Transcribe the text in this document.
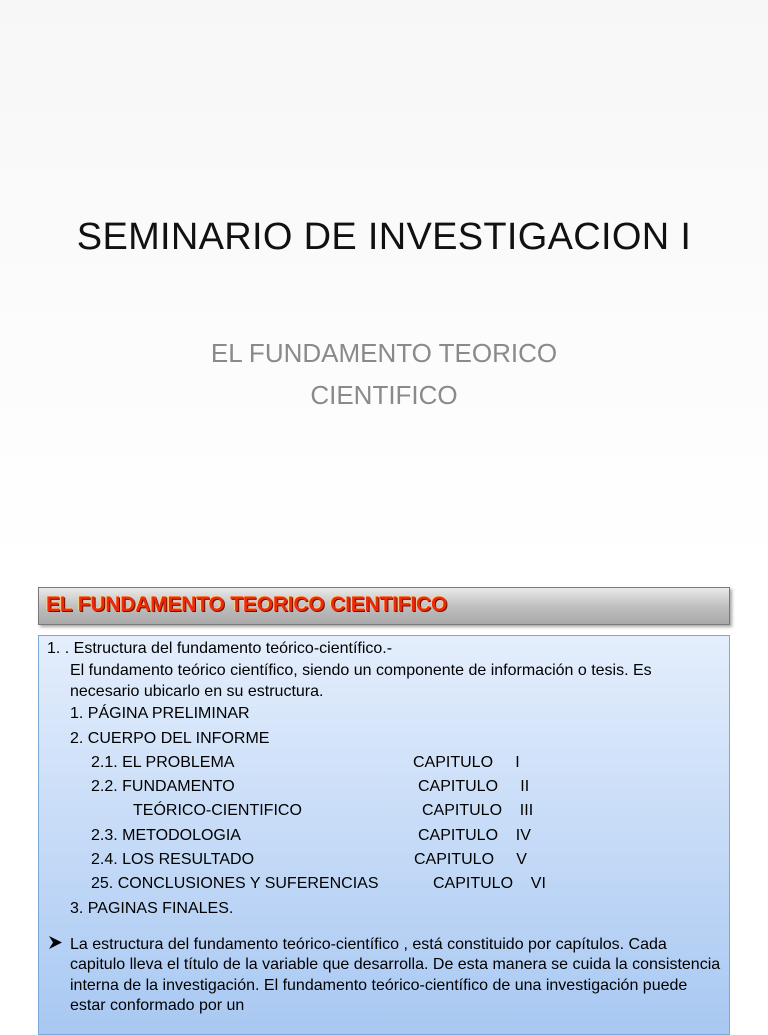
SEMINARIO DE INVESTIGACION I
EL FUNDAMENTO TEORICO
CIENTIFICO
EL FUNDAMENTO TEORICO CIENTIFICO
1. . Estructura del fundamento teórico-científico.-
El fundamento teórico científico, siendo un componente de información o tesis. Es necesario ubicarlo en su estructura.
1. PÁGINA PRELIMINAR
2. CUERPO DEL INFORME
2.1. EL PROBLEMA	CAPITULO     I
2.2. FUNDAMENTO	CAPITULO     II
TEÓRICO-CIENTIFICO	CAPITULO    III
2.3. METODOLOGIA	CAPITULO    IV
2.4. LOS RESULTADO	CAPITULO     V
25. CONCLUSIONES Y SUFERENCIAS	CAPITULO    VI
3. PAGINAS FINALES.
La estructura del fundamento teórico-científico , está constituido por capítulos. Cada capitulo lleva el título de la variable que desarrolla. De esta manera se cuida la consistencia interna de la investigación. El fundamento teórico-científico de una investigación puede estar conformado por un
